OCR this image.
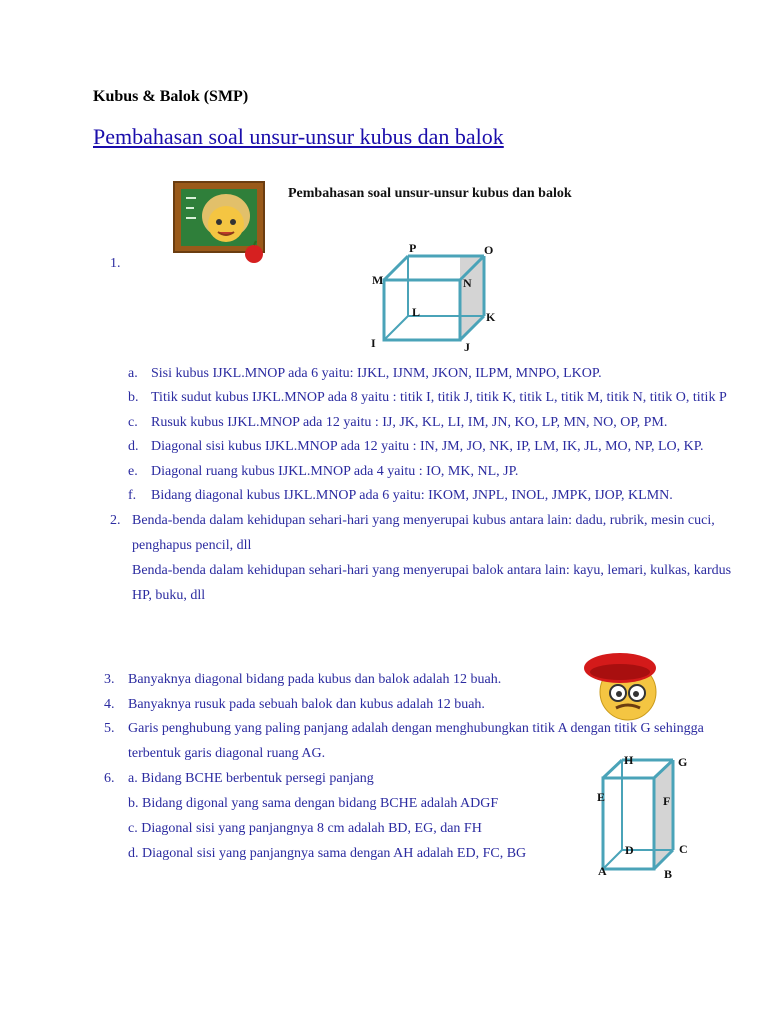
Kubus & Balok (SMP)
Pembahasan soal unsur-unsur kubus dan balok
Pembahasan soal unsur-unsur kubus dan balok
1.
P	O
M	N
L	K
I	J
a. Sisi kubus IJKL.MNOP ada 6 yaitu: IJKL, IJNM, JKON, ILPM, MNPO, LKOP.
b. Titik sudut kubus IJKL.MNOP ada 8 yaitu : titik I, titik J, titik K, titik L, titik M, titik N, titik O, titik P
c. Rusuk kubus IJKL.MNOP ada 12 yaitu : IJ, JK, KL, LI, IM, JN, KO, LP, MN, NO, OP, PM.
d. Diagonal sisi kubus IJKL.MNOP ada 12 yaitu : IN, JM, JO, NK, IP, LM, IK, JL, MO, NP, LO, KP.
e. Diagonal ruang kubus IJKL.MNOP ada 4 yaitu : IO, MK, NL, JP.
f. Bidang diagonal kubus IJKL.MNOP ada 6 yaitu: IKOM, JNPL, INOL, JMPK, IJOP, KLMN.
2. Benda-benda dalam kehidupan sehari-hari yang menyerupai kubus antara lain: dadu, rubrik, mesin cuci,
penghapus pencil, dll
Benda-benda dalam kehidupan sehari-hari yang menyerupai balok antara lain: kayu, lemari, kulkas, kardus
HP, buku, dll
3. Banyaknya diagonal bidang pada kubus dan balok adalah 12 buah.
4. Banyaknya rusuk pada sebuah balok dan kubus adalah 12 buah.
5. Garis penghubung yang paling panjang adalah dengan menghubungkan titik A dengan titik G sehingga
terbentuk garis diagonal ruang AG.
6. a. Bidang BCHE berbentuk persegi panjang
b. Bidang digonal yang sama dengan bidang BCHE adalah ADGF
c. Diagonal sisi yang panjangnya 8 cm adalah BD, EG, dan FH
d. Diagonal sisi yang panjangnya sama dengan AH adalah ED, FC, BG
H	G
E	F
D	C
A	B
